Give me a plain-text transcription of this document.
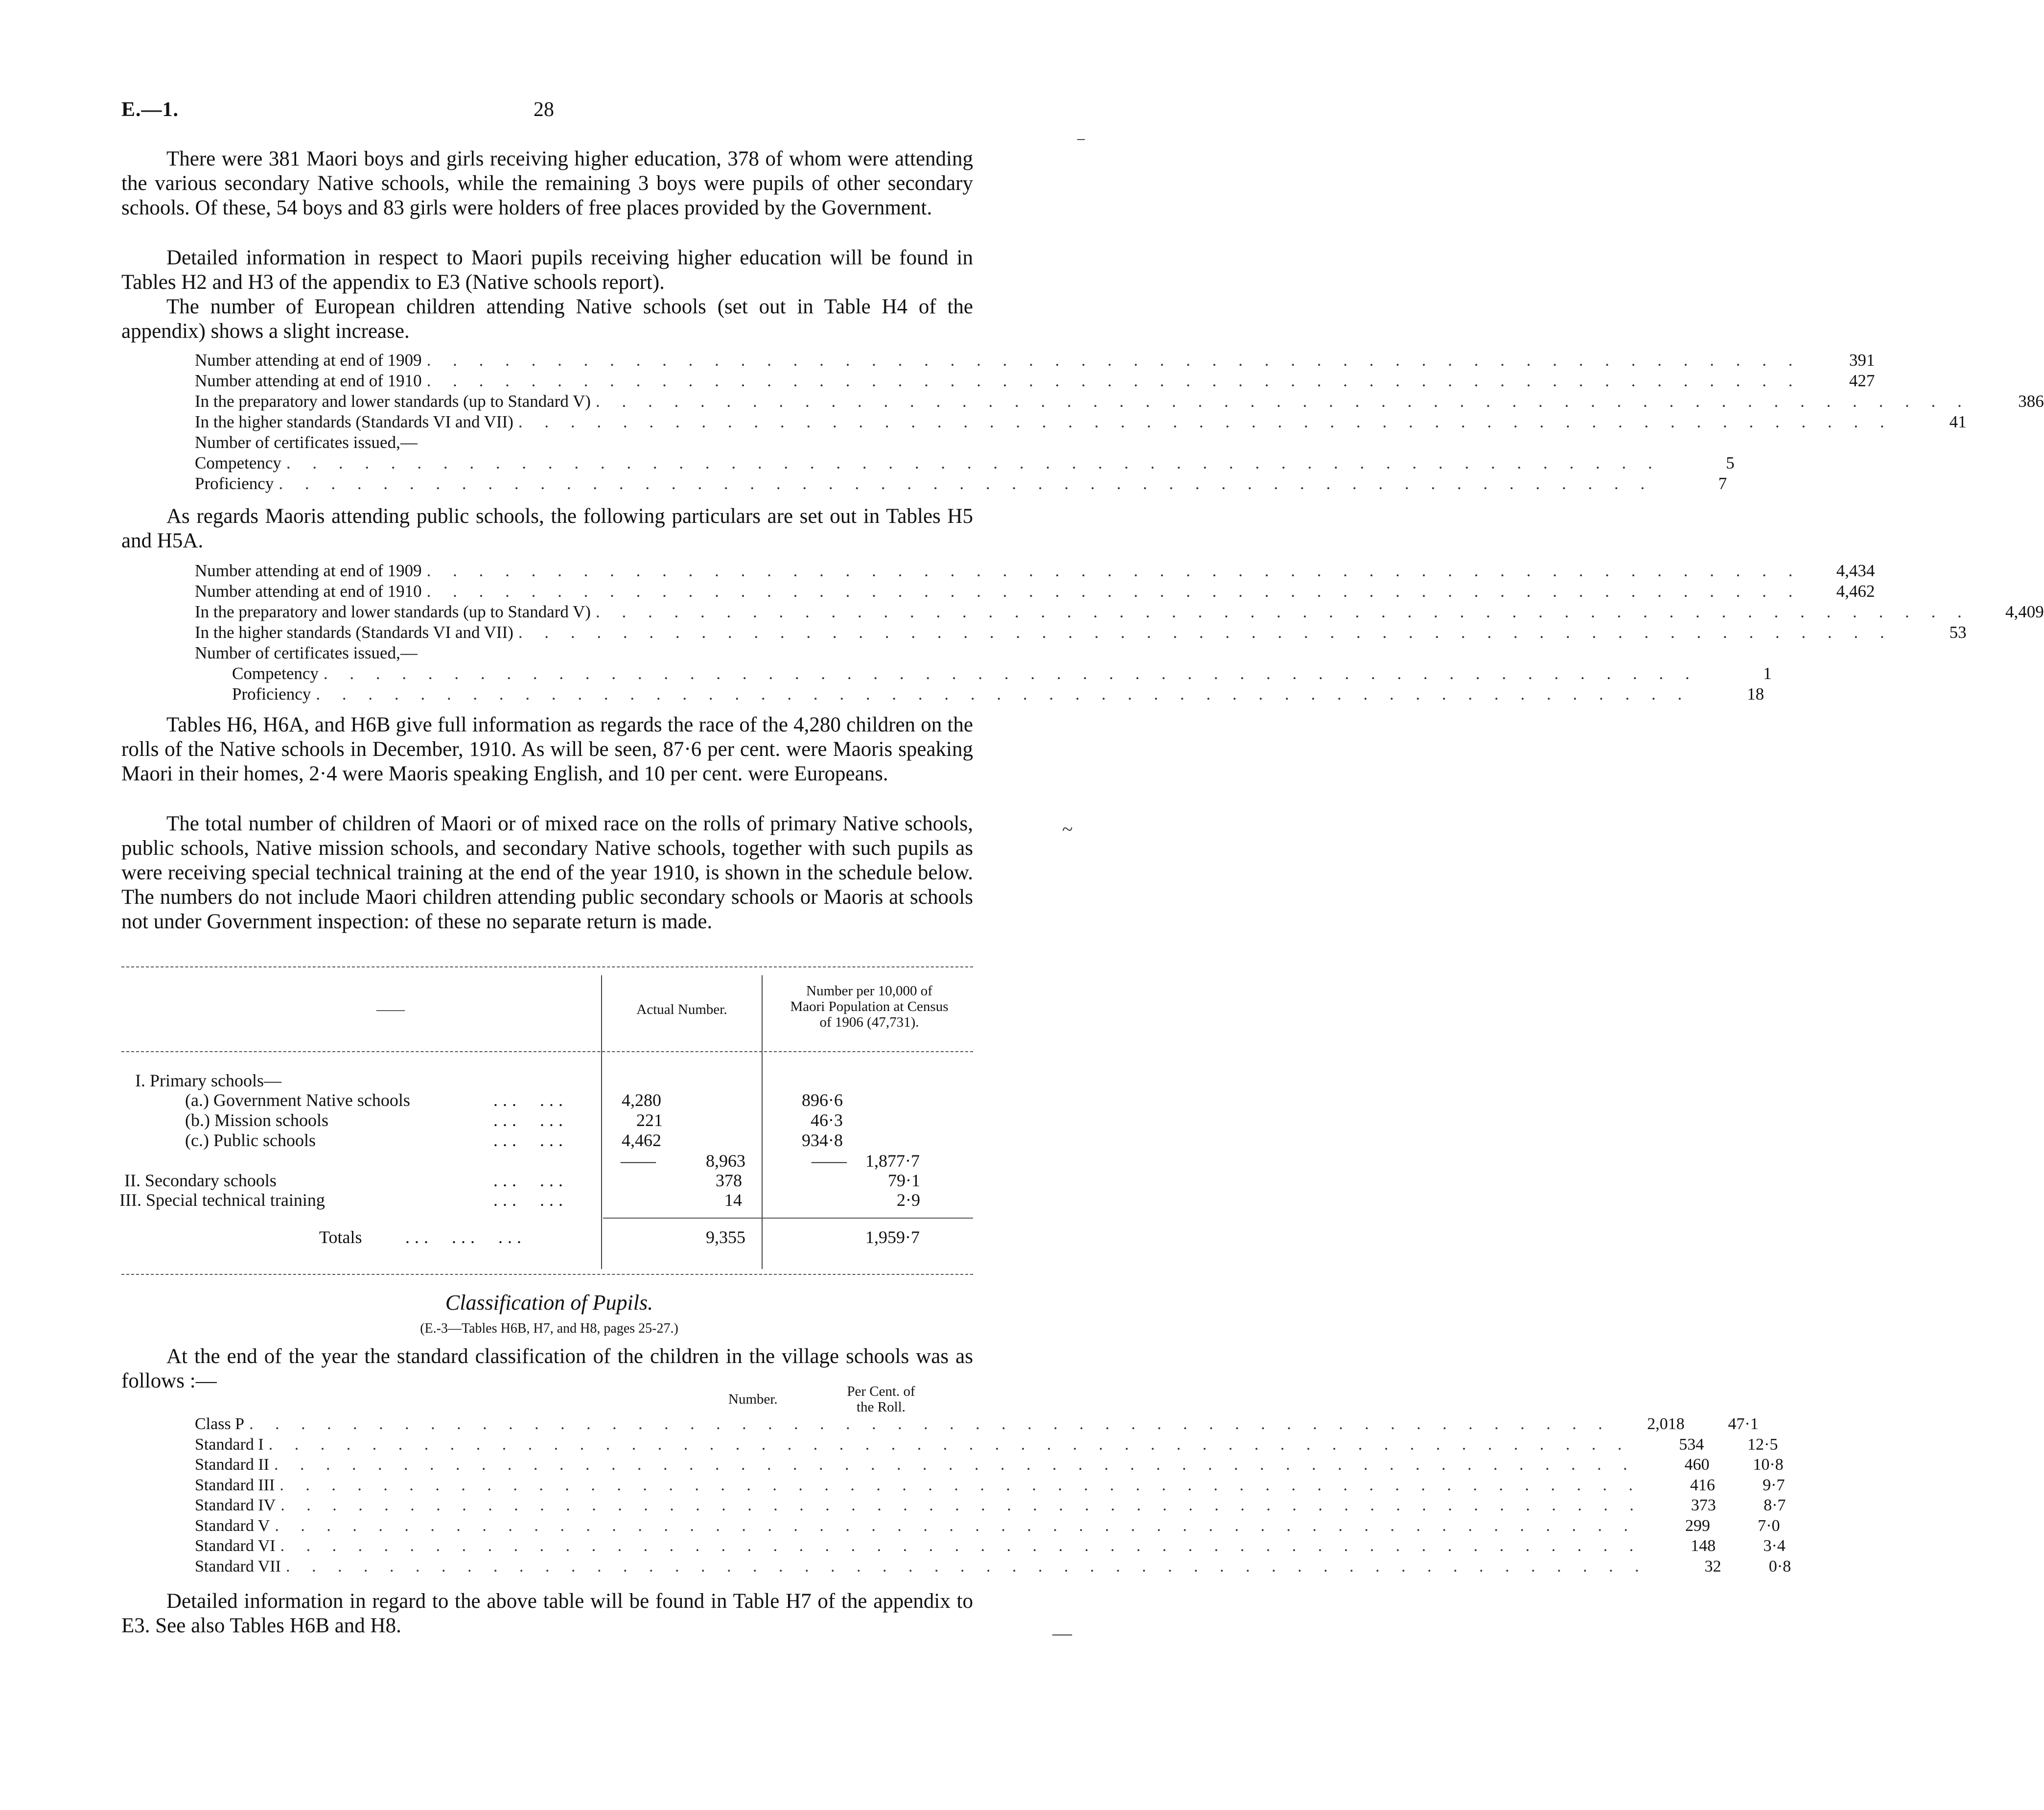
E.—1.	28
There were 381 Maori boys and girls receiving higher education, 378 of whom were attending the various secondary Native schools, while the remaining 3 boys were pupils of other secondary schools. Of these, 54 boys and 83 girls were holders of free places provided by the Government.
Detailed information in respect to Maori pupils receiving higher education will be found in Tables H2 and H3 of the appendix to E3 (Native schools report).
The number of European children attending Native schools (set out in Table H4 of the appendix) shows a slight increase.
Number attending at end of 1909 . . . . . . . . . . . . . . . . . . . . . . . . . . . . . . . . . . . . . . . . . . . . . . . . . . . . .	391
Number attending at end of 1910 . . . . . . . . . . . . . . . . . . . . . . . . . . . . . . . . . . . . . . . . . . . . . . . . . . . . .	427
In the preparatory and lower standards (up to Standard V) . . . . . . . . . . . . . . . . . . . . . . . . . . . . . . . . . . . . . . . . . . . . . . . . . . . . .	386
In the higher standards (Standards VI and VII) . . . . . . . . . . . . . . . . . . . . . . . . . . . . . . . . . . . . . . . . . . . . . . . . . . . . .	41
Number of certificates issued,—
Competency . . . . . . . . . . . . . . . . . . . . . . . . . . . . . . . . . . . . . . . . . . . . . . . . . . . . .	5
Proficiency . . . . . . . . . . . . . . . . . . . . . . . . . . . . . . . . . . . . . . . . . . . . . . . . . . . . .	7
As regards Maoris attending public schools, the following particulars are set out in Tables H5 and H5A.
Number attending at end of 1909 . . . . . . . . . . . . . . . . . . . . . . . . . . . . . . . . . . . . . . . . . . . . . . . . . . . . .	4,434
Number attending at end of 1910 . . . . . . . . . . . . . . . . . . . . . . . . . . . . . . . . . . . . . . . . . . . . . . . . . . . . .	4,462
In the preparatory and lower standards (up to Standard V) . . . . . . . . . . . . . . . . . . . . . . . . . . . . . . . . . . . . . . . . . . . . . . . . . . . . .	4,409
In the higher standards (Standards VI and VII) . . . . . . . . . . . . . . . . . . . . . . . . . . . . . . . . . . . . . . . . . . . . . . . . . . . . .	53
Number of certificates issued,—
Competency . . . . . . . . . . . . . . . . . . . . . . . . . . . . . . . . . . . . . . . . . . . . . . . . . . . . .	1
Proficiency . . . . . . . . . . . . . . . . . . . . . . . . . . . . . . . . . . . . . . . . . . . . . . . . . . . . .	18
Tables H6, H6A, and H6B give full information as regards the race of the 4,280 children on the rolls of the Native schools in December, 1910. As will be seen, 87·6 per cent. were Maoris speaking Maori in their homes, 2·4 were Maoris speaking English, and 10 per cent. were Europeans.
The total number of children of Maori or of mixed race on the rolls of primary Native schools, public schools, Native mission schools, and secondary Native schools, together with such pupils as were receiving special technical training at the end of the year 1910, is shown in the schedule below. The numbers do not include Maori children attending public secondary schools or Maoris at schools not under Government inspection: of these no separate return is made.
——	Actual Number.
Number per 10,000 of
Maori Population at Census
of 1906 (47,731).
I. Primary schools—
(a.) Government Native schools	...  ...	4,280	896·6
(b.) Mission schools	...  ...	221	46·3
(c.) Public schools	...  ...	4,462	934·8
——	8,963	—— 1,877·7
II. Secondary schools	...  ...	378	79·1
III. Special technical training	...  ...	14	2·9
Totals ...  ...  ...	9,355	1,959·7
Classification of Pupils.
(E.-3—Tables H6B, H7, and H8, pages 25-27.)
At the end of the year the standard classification of the children in the village schools was as follows :—
Number.	Per Cent. of
the Roll.
Class P . . . . . . . . . . . . . . . . . . . . . . . . . . . . . . . . . . . . . . . . . . . . . . . . . . . . .	2,018	47·1
Standard I . . . . . . . . . . . . . . . . . . . . . . . . . . . . . . . . . . . . . . . . . . . . . . . . . . . . .	534	12·5
Standard II . . . . . . . . . . . . . . . . . . . . . . . . . . . . . . . . . . . . . . . . . . . . . . . . . . . . .	460	10·8
Standard III . . . . . . . . . . . . . . . . . . . . . . . . . . . . . . . . . . . . . . . . . . . . . . . . . . . . .	416	9·7
Standard IV . . . . . . . . . . . . . . . . . . . . . . . . . . . . . . . . . . . . . . . . . . . . . . . . . . . . .	373	8·7
Standard V . . . . . . . . . . . . . . . . . . . . . . . . . . . . . . . . . . . . . . . . . . . . . . . . . . . . .	299	7·0
Standard VI . . . . . . . . . . . . . . . . . . . . . . . . . . . . . . . . . . . . . . . . . . . . . . . . . . . . .	148	3·4
Standard VII . . . . . . . . . . . . . . . . . . . . . . . . . . . . . . . . . . . . . . . . . . . . . . . . . . . . .	32	0·8
Detailed information in regard to the above table will be found in Table H7 of the appendix to E3. See also Tables H6B and H8.
⁻
~
—
